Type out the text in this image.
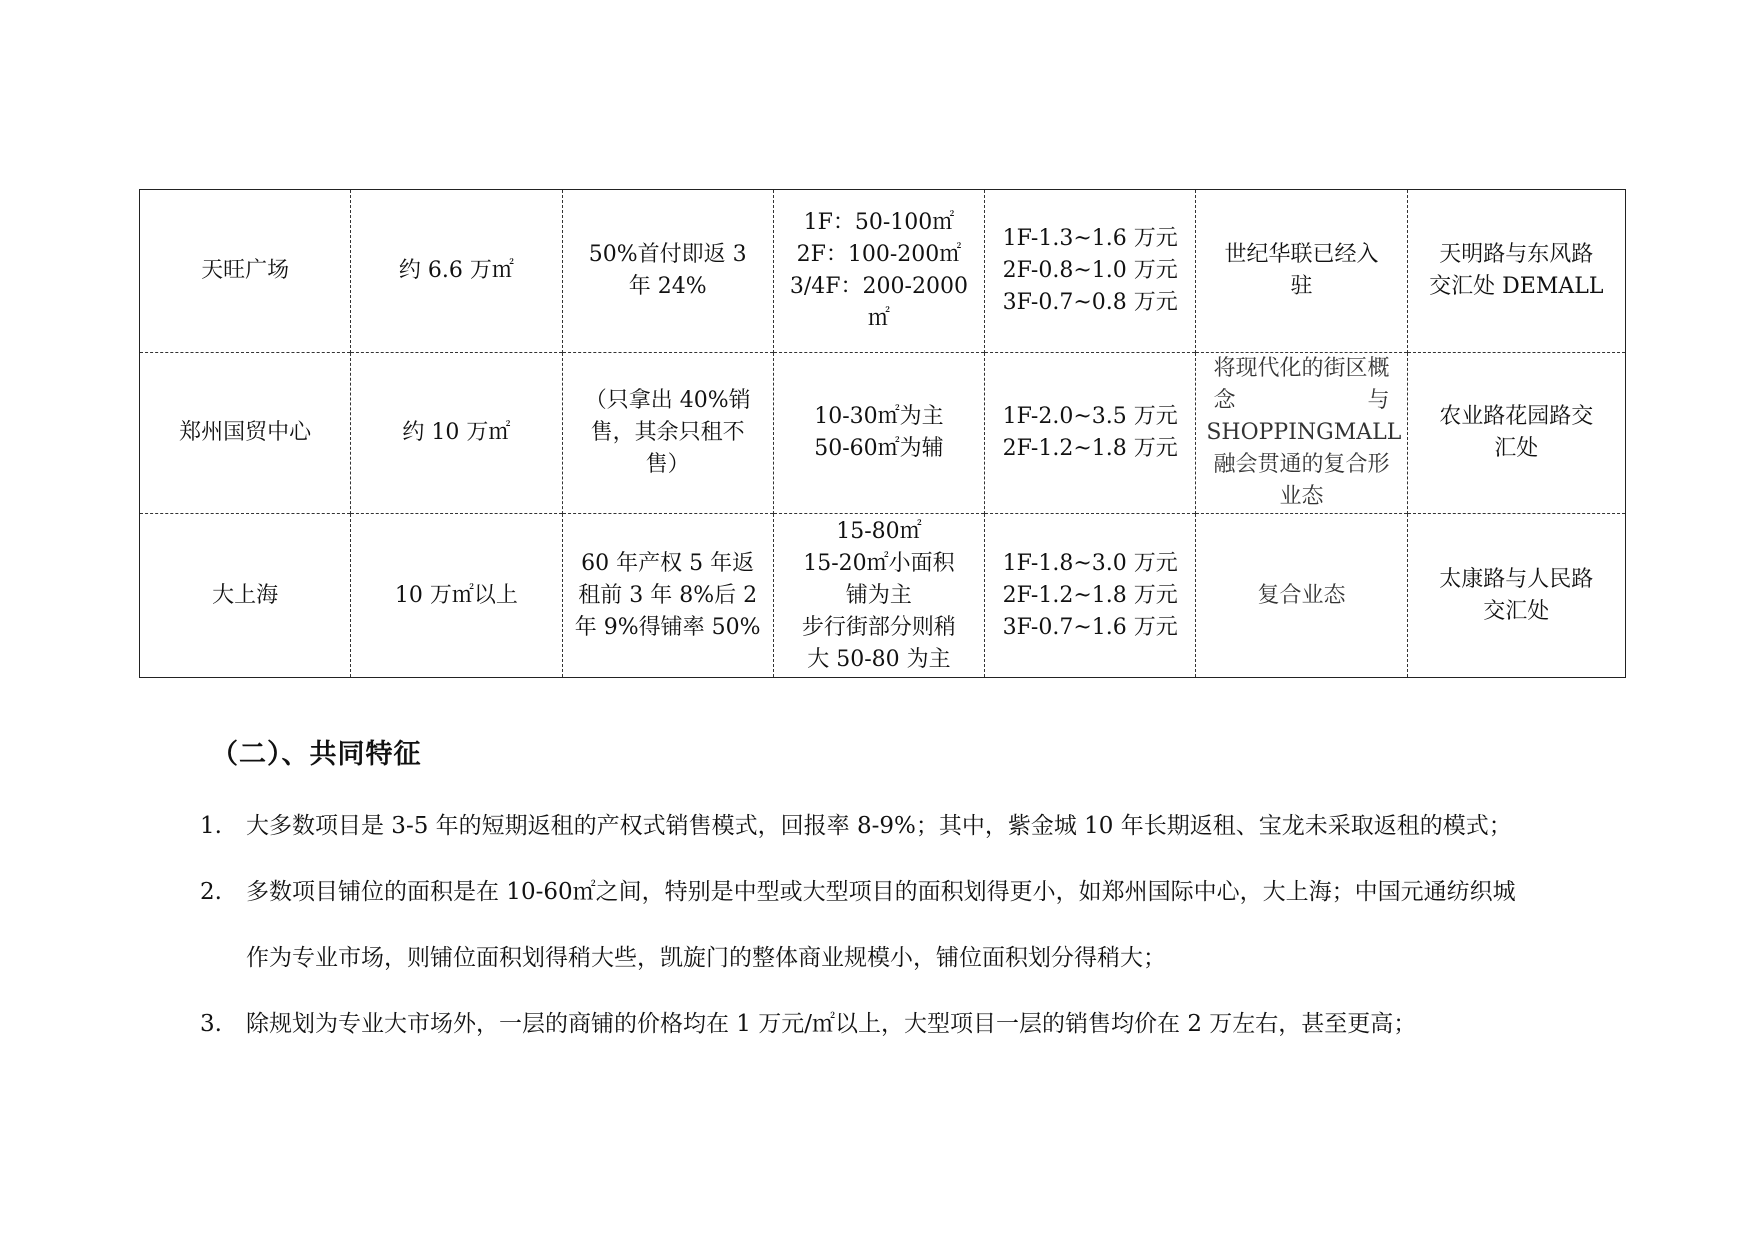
天旺广场	约 6.6 万㎡	50%首付即返 3
年 24%	1F：50-100㎡
2F：100-200㎡
3/4F：200-2000
㎡	1F-1.3~1.6 万元
2F-0.8~1.0 万元
3F-0.7~0.8 万元	世纪华联已经入
驻	天明路与东风路
交汇处 DEMALL

郑州国贸中心	约 10 万㎡	（只拿出 40%销
售，其余只租不
售）	10-30㎡为主
50-60㎡为辅	1F-2.0~3.5 万元
2F-1.2~1.8 万元	将现代化的街区概
念　　　　　　与
SHOPPINGMALL
融会贯通的复合形
业态	农业路花园路交
汇处

大上海	10 万㎡以上	60 年产权 5 年返
租前 3 年 8%后 2
年 9%得铺率 50%	15-80㎡
15-20㎡小面积
铺为主
步行街部分则稍
大 50-80 为主	1F-1.8~3.0 万元
2F-1.2~1.8 万元
3F-0.7~1.6 万元	复合业态	太康路与人民路
交汇处
（二）、共同特征
1. 大多数项目是 3-5 年的短期返租的产权式销售模式，回报率 8-9%；其中，紫金城 10 年长期返租、宝龙未采取返租的模式；
2. 多数项目铺位的面积是在 10-60㎡之间，特别是中型或大型项目的面积划得更小，如郑州国际中心，大上海；中国元通纺织城
作为专业市场，则铺位面积划得稍大些，凯旋门的整体商业规模小，铺位面积划分得稍大；
3. 除规划为专业大市场外，一层的商铺的价格均在 1 万元/㎡以上，大型项目一层的销售均价在 2 万左右，甚至更高；
